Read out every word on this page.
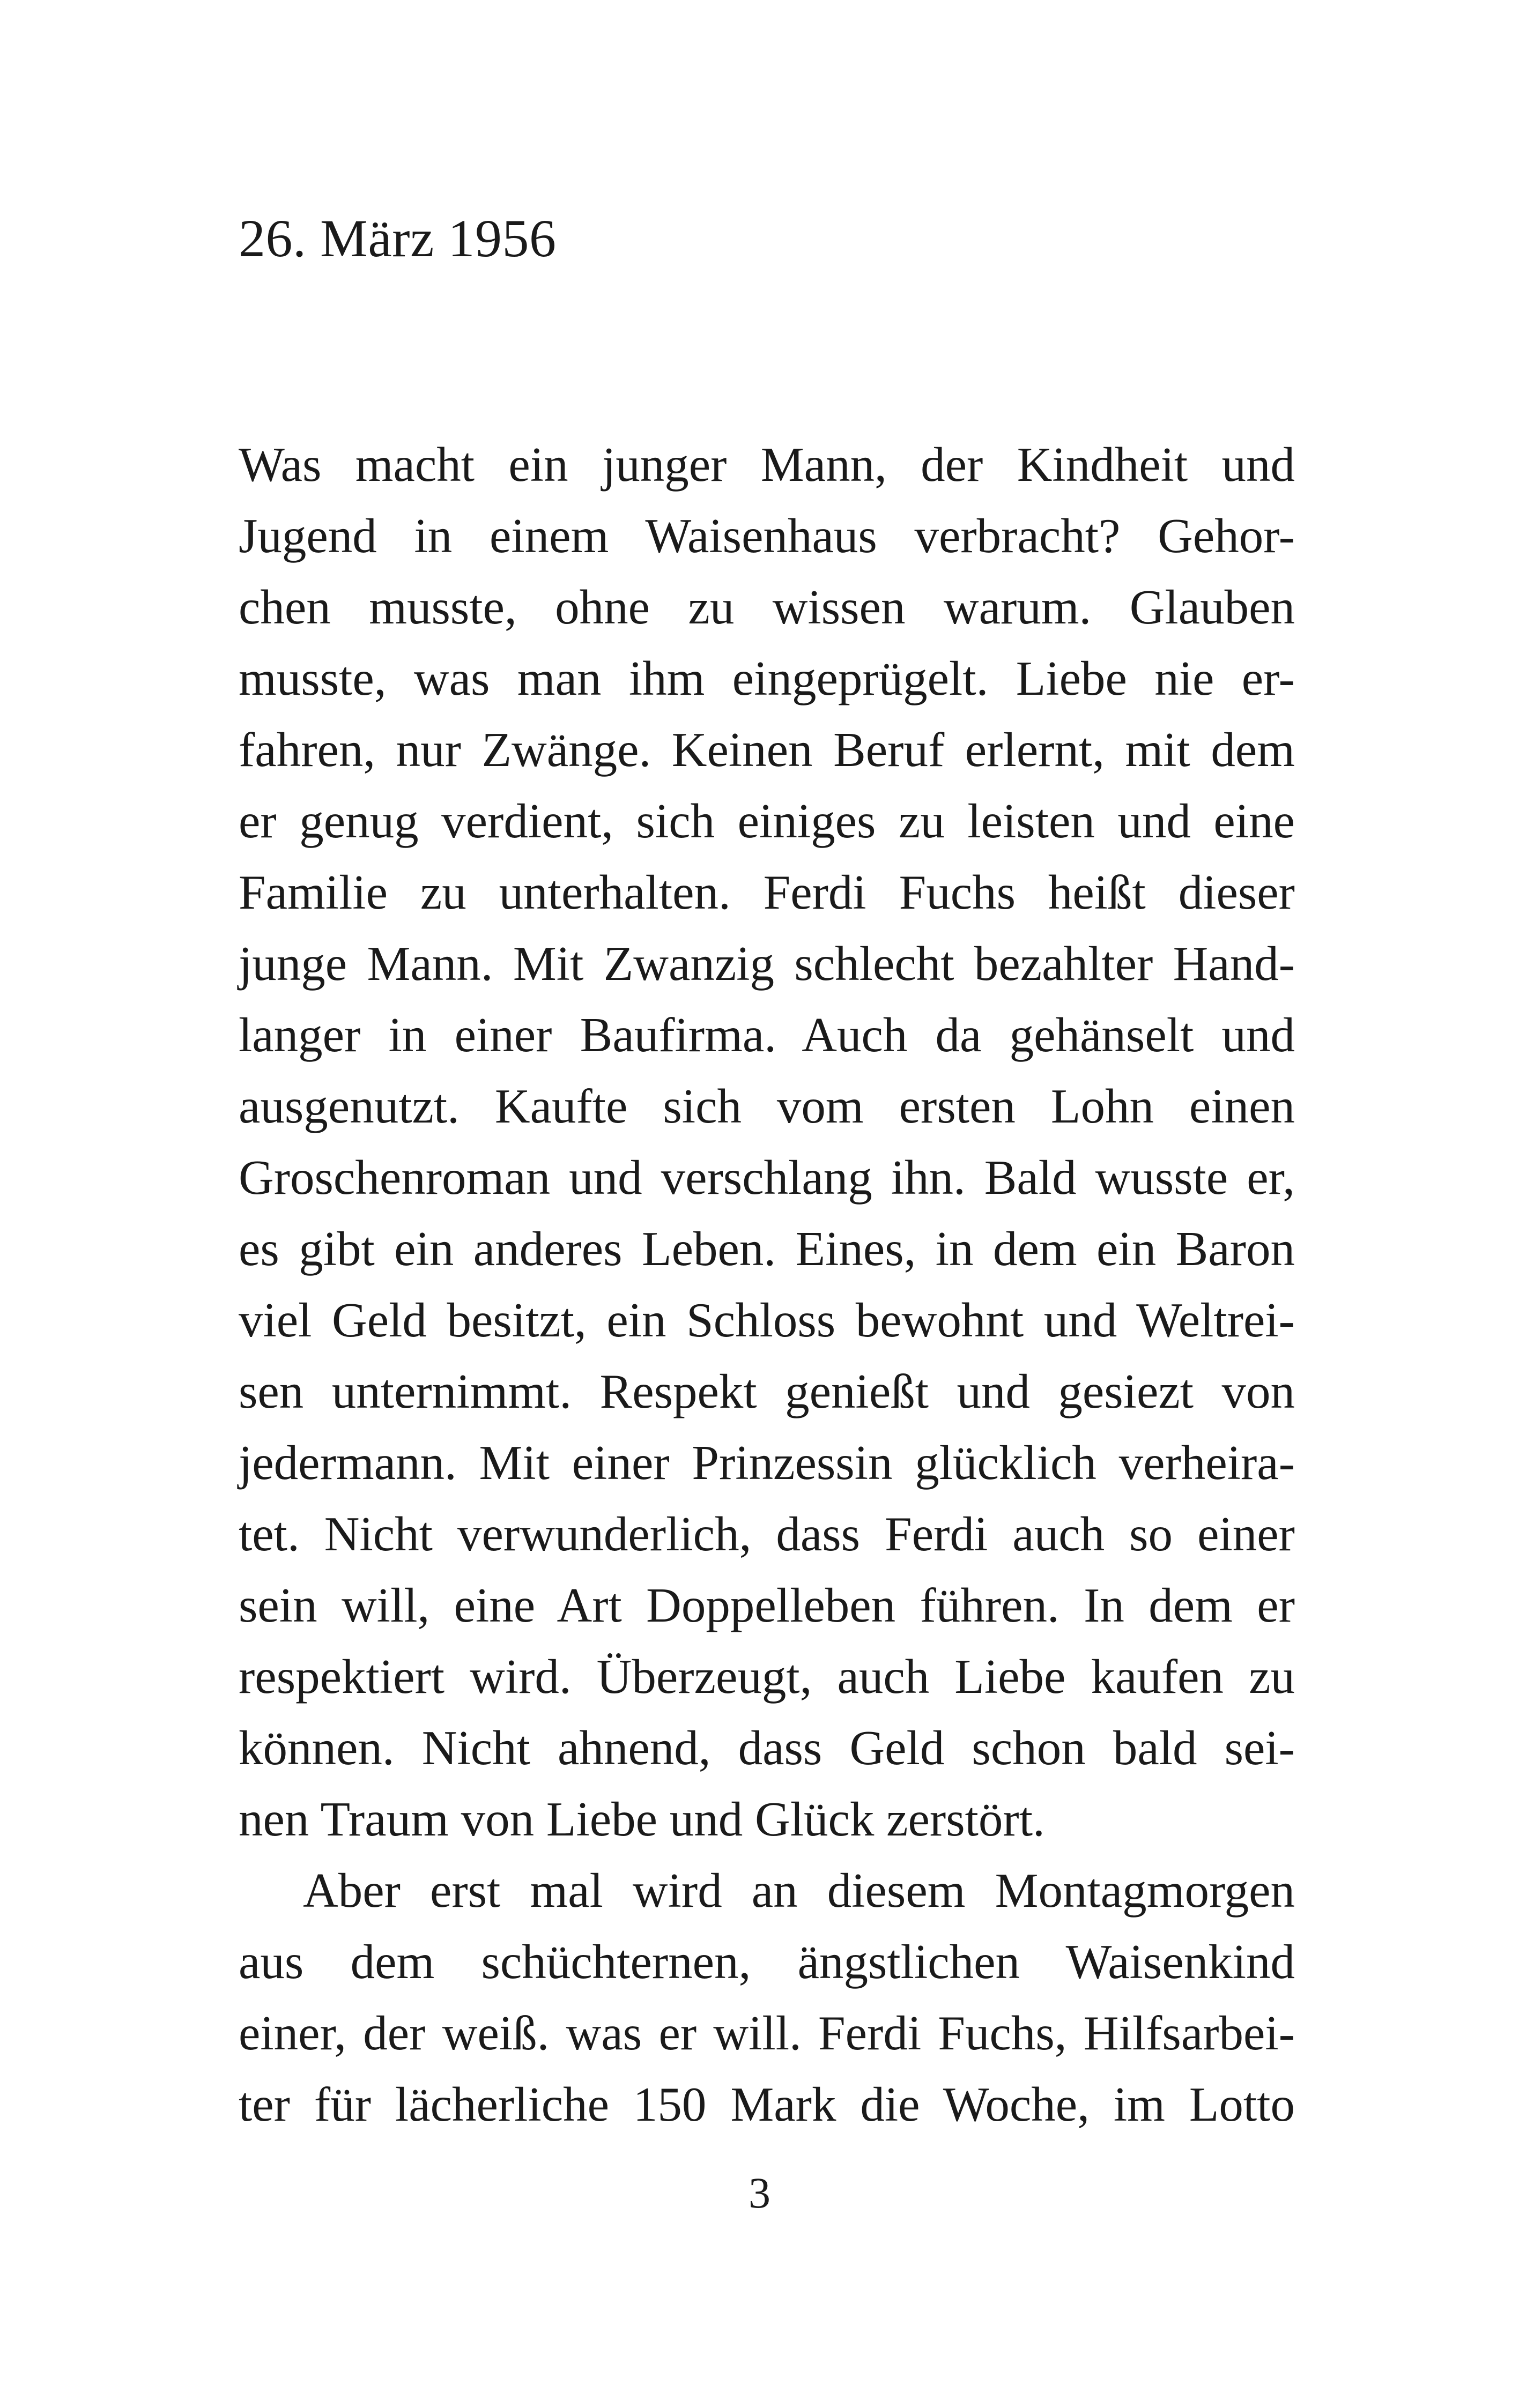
26. März 1956
Was macht ein junger Mann, der Kindheit und
Jugend in einem Waisenhaus verbracht? Gehor-
chen musste, ohne zu wissen warum. Glauben
musste, was man ihm eingeprügelt. Liebe nie er-
fahren, nur Zwänge. Keinen Beruf erlernt, mit dem
er genug verdient, sich einiges zu leisten und eine
Familie zu unterhalten. Ferdi Fuchs heißt dieser
junge Mann. Mit Zwanzig schlecht bezahlter Hand-
langer in einer Baufirma. Auch da gehänselt und
ausgenutzt. Kaufte sich vom ersten Lohn einen
Groschenroman und verschlang ihn. Bald wusste er,
es gibt ein anderes Leben. Eines, in dem ein Baron
viel Geld besitzt, ein Schloss bewohnt und Weltrei-
sen unternimmt. Respekt genießt und gesiezt von
jedermann. Mit einer Prinzessin glücklich verheira-
tet. Nicht verwunderlich, dass Ferdi auch so einer
sein will, eine Art Doppelleben führen. In dem er
respektiert wird. Überzeugt, auch Liebe kaufen zu
können. Nicht ahnend, dass Geld schon bald sei-
nen Traum von Liebe und Glück zerstört.
Aber erst mal wird an diesem Montagmorgen
aus dem schüchternen, ängstlichen Waisenkind
einer, der weiß. was er will. Ferdi Fuchs, Hilfsarbei-
ter für lächerliche 150 Mark die Woche, im Lotto
3
